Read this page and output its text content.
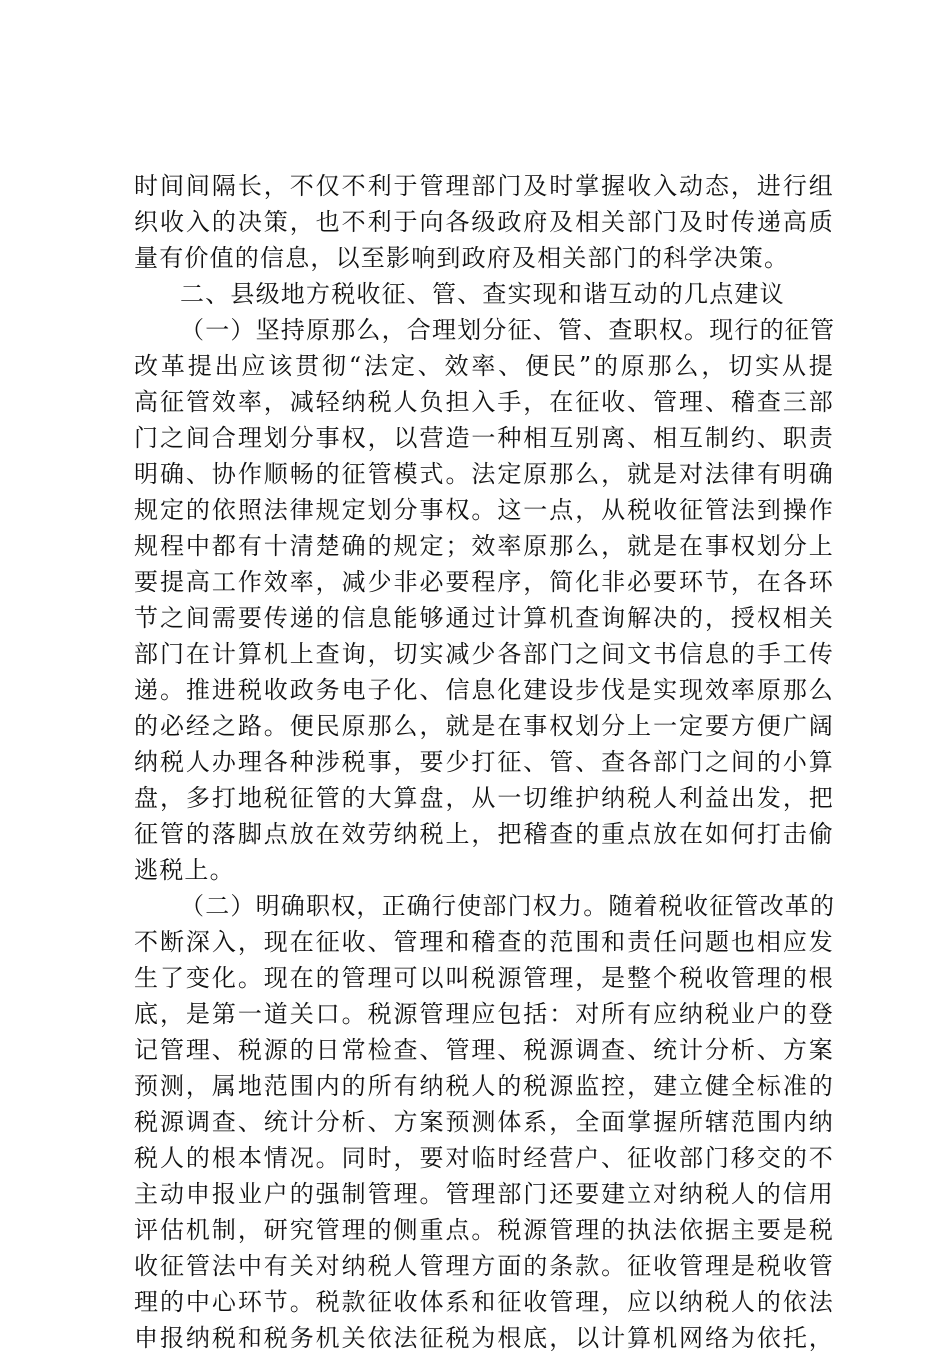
时间间隔长，不仅不利于管理部门及时掌握收入动态，进行组
织收入的决策，也不利于向各级政府及相关部门及时传递高质
量有价值的信息，以至影响到政府及相关部门的科学决策。
二、县级地方税收征、管、查实现和谐互动的几点建议
（一）坚持原那么，合理划分征、管、查职权。现行的征管
改革提出应该贯彻“法定、效率、便民”的原那么，切实从提
高征管效率，减轻纳税人负担入手，在征收、管理、稽查三部
门之间合理划分事权，以营造一种相互别离、相互制约、职责
明确、协作顺畅的征管模式。法定原那么，就是对法律有明确
规定的依照法律规定划分事权。这一点，从税收征管法到操作
规程中都有十清楚确的规定；效率原那么，就是在事权划分上
要提高工作效率，减少非必要程序，简化非必要环节，在各环
节之间需要传递的信息能够通过计算机查询解决的，授权相关
部门在计算机上查询，切实减少各部门之间文书信息的手工传
递。推进税收政务电子化、信息化建设步伐是实现效率原那么
的必经之路。便民原那么，就是在事权划分上一定要方便广阔
纳税人办理各种涉税事，要少打征、管、查各部门之间的小算
盘，多打地税征管的大算盘，从一切维护纳税人利益出发，把
征管的落脚点放在效劳纳税上，把稽查的重点放在如何打击偷
逃税上。
（二）明确职权，正确行使部门权力。随着税收征管改革的
不断深入，现在征收、管理和稽查的范围和责任问题也相应发
生了变化。现在的管理可以叫税源管理，是整个税收管理的根
底，是第一道关口。税源管理应包括：对所有应纳税业户的登
记管理、税源的日常检查、管理、税源调查、统计分析、方案
预测，属地范围内的所有纳税人的税源监控，建立健全标准的
税源调查、统计分析、方案预测体系，全面掌握所辖范围内纳
税人的根本情况。同时，要对临时经营户、征收部门移交的不
主动申报业户的强制管理。管理部门还要建立对纳税人的信用
评估机制，研究管理的侧重点。税源管理的执法依据主要是税
收征管法中有关对纳税人管理方面的条款。征收管理是税收管
理的中心环节。税款征收体系和征收管理，应以纳税人的依法
申报纳税和税务机关依法征税为根底，以计算机网络为依托，
